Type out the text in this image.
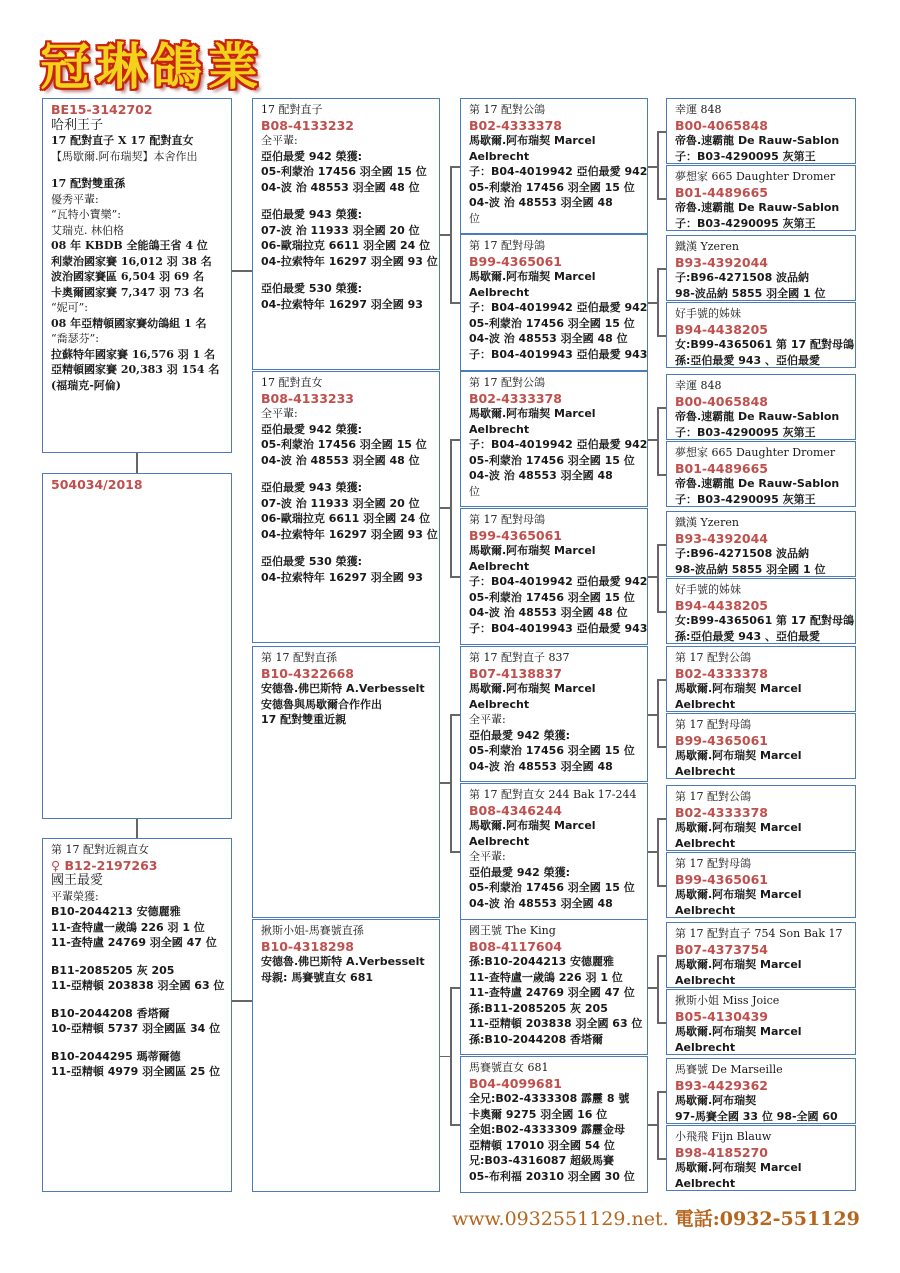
冠 琳 鴿 業
BE15-3142702
哈利王子
17 配對直子 X 17 配對直女
【馬歇爾.阿布瑞契】本舍作出
17 配對雙重孫
優秀平輩:
“瓦特小寶樂”:
艾瑞克. 林伯格
08 年 KBDB 全能鴿王省 4 位
利蒙治國家賽 16,012 羽 38 名
波治國家賽區 6,504 羽 69 名
卡奧爾國家賽 7,347 羽 73 名
“妮可”:
08 年亞精頓國家賽幼鴿組 1 名
“喬瑟芬”:
拉蘇特年國家賽 16,576 羽 1 名
亞精頓國家賽 20,383 羽 154 名 (福瑞克-阿倫)
504034/2018
第 17 配對近親直女
♀ B12-2197263
國王最愛
平輩榮獲:
B10-2044213 安德麗雅
11-查特盧一歲鴿 226 羽 1 位
11-查特盧 24769 羽全國 47 位
B11-2085205 灰 205
11-亞精頓 203838 羽全國 63 位
B10-2044208 香塔爾
10-亞精頓 5737 羽全國區 34 位
B10-2044295 瑪蒂爾德
11-亞精頓 4979 羽全國區 25 位
17 配對直子
B08-4133232
全平輩:
亞伯最愛 942 榮獲:
05-利蒙治 17456 羽全國 15 位
04-波 治 48553 羽全國 48 位
亞伯最愛 943 榮獲:
07-波 治 11933 羽全國 20 位
06-歐瑞拉克 6611 羽全國 24 位
04-拉索特年 16297 羽全國 93 位
亞伯最愛 530 榮獲:
04-拉索特年 16297 羽全國 93
17 配對直女
B08-4133233
全平輩:
亞伯最愛 942 榮獲:
05-利蒙治 17456 羽全國 15 位
04-波 治 48553 羽全國 48 位
亞伯最愛 943 榮獲:
07-波 治 11933 羽全國 20 位
06-歐瑞拉克 6611 羽全國 24 位
04-拉索特年 16297 羽全國 93 位
亞伯最愛 530 榮獲:
04-拉索特年 16297 羽全國 93
第 17 配對直孫
B10-4322668
安德魯.佛巴斯特 A.Verbesselt
安德魯與馬歇爾合作作出
17 配對雙重近親
揪斯小姐-馬賽號直孫
B10-4318298
安德魯.佛巴斯特 A.Verbesselt
母親: 馬賽號直女 681
第 17 配對公鴿
B02-4333378
馬歇爾.阿布瑞契 Marcel
Aelbrecht
子：B04-4019942 亞伯最愛 942
05-利蒙治 17456 羽全國 15 位
04-波 治 48553 羽全國 48
位
第 17 配對母鴿
B99-4365061
馬歇爾.阿布瑞契 Marcel
Aelbrecht
子：B04-4019942 亞伯最愛 942
05-利蒙治 17456 羽全國 15 位
04-波 治 48553 羽全國 48 位
子：B04-4019943 亞伯最愛 943
第 17 配對公鴿
B02-4333378
馬歇爾.阿布瑞契 Marcel
Aelbrecht
子：B04-4019942 亞伯最愛 942
05-利蒙治 17456 羽全國 15 位
04-波 治 48553 羽全國 48
位
第 17 配對母鴿
B99-4365061
馬歇爾.阿布瑞契 Marcel
Aelbrecht
子：B04-4019942 亞伯最愛 942
05-利蒙治 17456 羽全國 15 位
04-波 治 48553 羽全國 48 位
子：B04-4019943 亞伯最愛 943
第 17 配對直子 837
B07-4138837
馬歇爾.阿布瑞契 Marcel
Aelbrecht
全平輩:
亞伯最愛 942 榮獲:
05-利蒙治 17456 羽全國 15 位
04-波 治 48553 羽全國 48
第 17 配對直女 244 Bak 17-244
B08-4346244
馬歇爾.阿布瑞契 Marcel
Aelbrecht
全平輩:
亞伯最愛 942 榮獲:
05-利蒙治 17456 羽全國 15 位
04-波 治 48553 羽全國 48
國王號 The King
B08-4117604
孫:B10-2044213 安德麗雅
11-查特盧一歲鴿 226 羽 1 位
11-查特盧 24769 羽全國 47 位
孫:B11-2085205 灰 205
11-亞精頓 203838 羽全國 63 位
孫:B10-2044208 香塔爾
馬賽號直女 681
B04-4099681
全兄:B02-4333308 霹靂 8 號
卡奧爾 9275 羽全國 16 位
全姐:B02-4333309 霹靂金母
亞精頓 17010 羽全國 54 位
兄:B03-4316087 超級馬賽
05-布利福 20310 羽全國 30 位
幸運 848
B00-4065848
帝魯.速霸龍 De Rauw-Sablon
子：B03-4290095 灰第王
夢想家 665 Daughter Dromer
B01-4489665
帝魯.速霸龍 De Rauw-Sablon
子：B03-4290095 灰第王
鐵漢 Yzeren
B93-4392044
子:B96-4271508 波品納
98-波品納 5855 羽全國 1 位
好手號的姊妹
B94-4438205
女:B99-4365061 第 17 配對母鴿
孫:亞伯最愛 943 、亞伯最愛
幸運 848
B00-4065848
帝魯.速霸龍 De Rauw-Sablon
子：B03-4290095 灰第王
夢想家 665 Daughter Dromer
B01-4489665
帝魯.速霸龍 De Rauw-Sablon
子：B03-4290095 灰第王
鐵漢 Yzeren
B93-4392044
子:B96-4271508 波品納
98-波品納 5855 羽全國 1 位
好手號的姊妹
B94-4438205
女:B99-4365061 第 17 配對母鴿
孫:亞伯最愛 943 、亞伯最愛
第 17 配對公鴿
B02-4333378
馬歇爾.阿布瑞契 Marcel
Aelbrecht
第 17 配對母鴿
B99-4365061
馬歇爾.阿布瑞契 Marcel
Aelbrecht
第 17 配對公鴿
B02-4333378
馬歇爾.阿布瑞契 Marcel
Aelbrecht
第 17 配對母鴿
B99-4365061
馬歇爾.阿布瑞契 Marcel
Aelbrecht
第 17 配對直子 754 Son Bak 17
B07-4373754
馬歇爾.阿布瑞契 Marcel
Aelbrecht
揪斯小姐 Miss Joice
B05-4130439
馬歇爾.阿布瑞契 Marcel
Aelbrecht
馬賽號 De Marseille
B93-4429362
馬歇爾.阿布瑞契
97-馬賽全國 33 位 98-全國 60
小飛飛 Fijn Blauw
B98-4185270
馬歇爾.阿布瑞契 Marcel
Aelbrecht
www.0932551129.net. 電話:0932-551129
